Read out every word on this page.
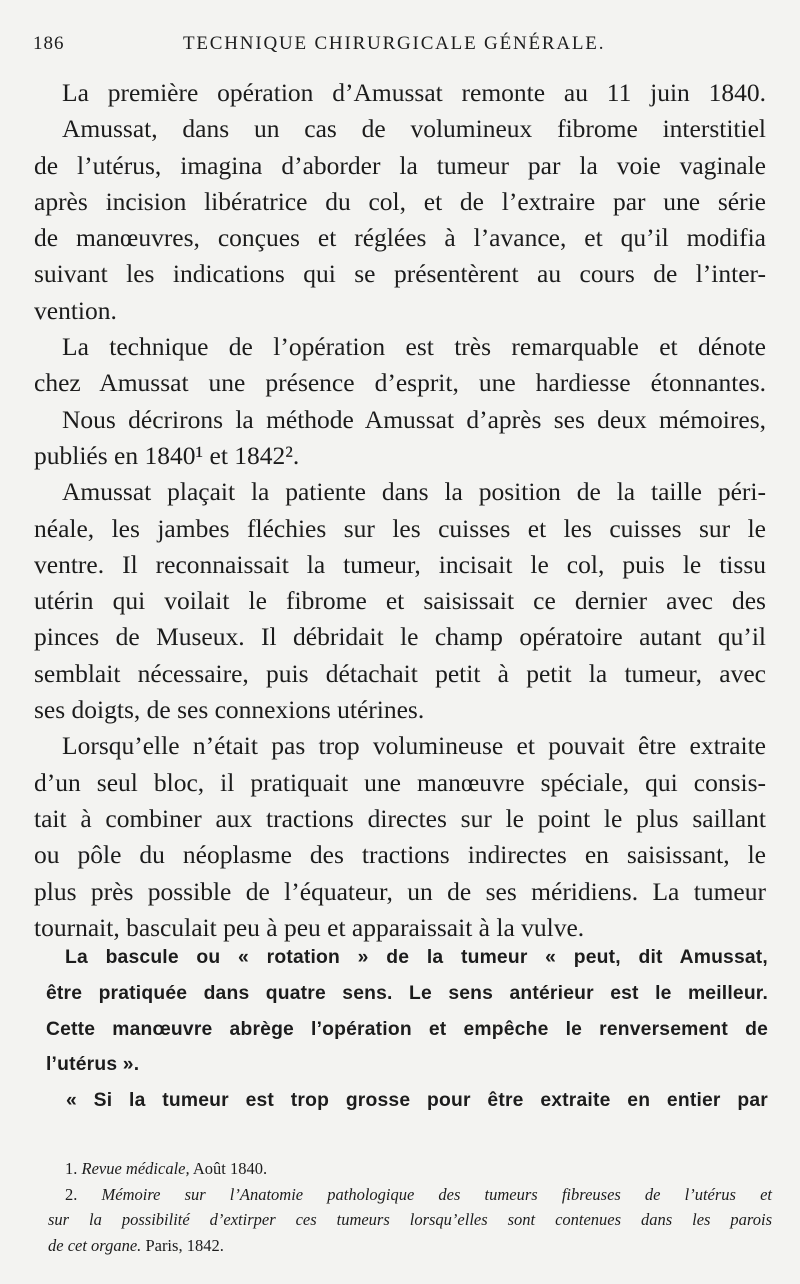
186	TECHNIQUE CHIRURGICALE GÉNÉRALE.
La première opération d’Amussat remonte au 11 juin 1840.
Amussat, dans un cas de volumineux fibrome interstitiel
de l’utérus, imagina d’aborder la tumeur par la voie vaginale
après incision libératrice du col, et de l’extraire par une série
de manœuvres, conçues et réglées à l’avance, et qu’il modifia
suivant les indications qui se présentèrent au cours de l’inter-
vention.
La technique de l’opération est très remarquable et dénote
chez Amussat une présence d’esprit, une hardiesse étonnantes.
Nous décrirons la méthode Amussat d’après ses deux mémoires,
publiés en 1840¹ et 1842².
Amussat plaçait la patiente dans la position de la taille péri-
néale, les jambes fléchies sur les cuisses et les cuisses sur le
ventre. Il reconnaissait la tumeur, incisait le col, puis le tissu
utérin qui voilait le fibrome et saisissait ce dernier avec des
pinces de Museux. Il débridait le champ opératoire autant qu’il
semblait nécessaire, puis détachait petit à petit la tumeur, avec
ses doigts, de ses connexions utérines.
Lorsqu’elle n’était pas trop volumineuse et pouvait être extraite
d’un seul bloc, il pratiquait une manœuvre spéciale, qui consis-
tait à combiner aux tractions directes sur le point le plus saillant
ou pôle du néoplasme des tractions indirectes en saisissant, le
plus près possible de l’équateur, un de ses méridiens. La tumeur
tournait, basculait peu à peu et apparaissait à la vulve.
La bascule ou « rotation » de la tumeur « peut, dit Amussat,
être pratiquée dans quatre sens. Le sens antérieur est le meilleur.
Cette manœuvre abrège l’opération et empêche le renversement de
l’utérus ».
« Si la tumeur est trop grosse pour être extraite en entier par
1. Revue médicale, Août 1840.
2. Mémoire sur l’Anatomie pathologique des tumeurs fibreuses de l’utérus et
sur la possibilité d’extirper ces tumeurs lorsqu’elles sont contenues dans les parois
de cet organe. Paris, 1842.
